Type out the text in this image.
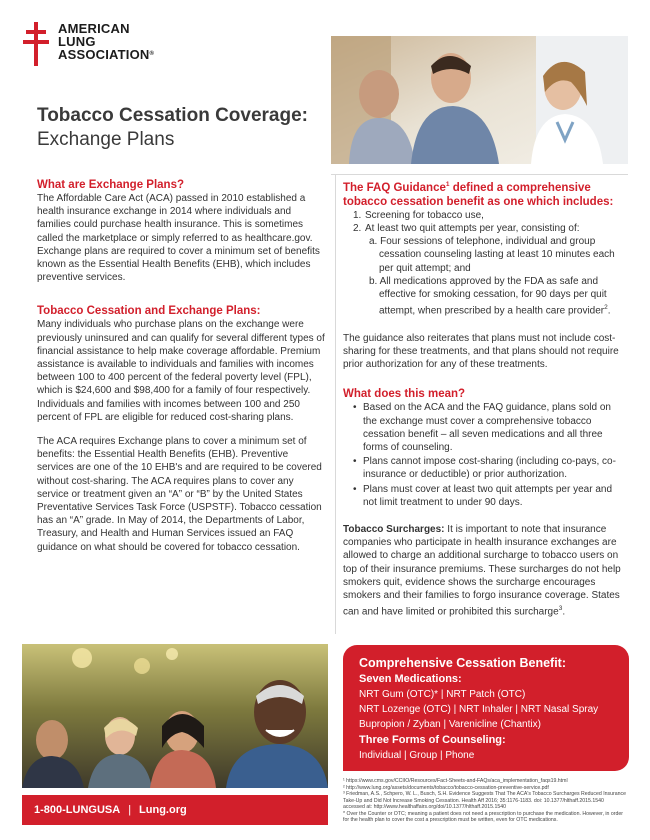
AMERICAN
LUNG
ASSOCIATION®
Tobacco Cessation Coverage:
Exchange Plans
What are Exchange Plans?

The Affordable Care Act (ACA) passed in 2010 established a health insurance exchange in 2014 where individuals and families could purchase health insurance. This is sometimes called the marketplace or simply referred to as healthcare.gov. Exchange plans are required to cover a minimum set of benefits known as the Essential Health Benefits (EHB), which includes preventive services.

Tobacco Cessation and Exchange Plans:

Many individuals who purchase plans on the exchange were previously uninsured and can qualify for several different types of financial assistance to help make coverage affordable. Premium assistance is available to individuals and families with incomes between 100 to 400 percent of the federal poverty level (FPL), which is $24,600 and $98,400 for a family of four respectively. Individuals and families with incomes between 100 and 250 percent of FPL are eligible for reduced cost-sharing plans.

The ACA requires Exchange plans to cover a minimum set of benefits: the Essential Health Benefits (EHB). Preventive services are one of the 10 EHB's and are required to be covered without cost-sharing. The ACA requires plans to cover any service or treatment given an “A” or “B” by the United States Preventative Services Task Force (USPSTF). Tobacco cessation has an “A” grade. In May of 2014, the Departments of Labor, Treasury, and Health and Human Services issued an FAQ guidance on what should be covered for tobacco cessation.

The FAQ Guidance$^1$ defined a comprehensive tobacco cessation benefit as one which includes:
1. Screening for tobacco use,
2. At least two quit attempts per year, consisting of:
a. Four sessions of telephone, individual and group cessation counseling lasting at least 10 minutes each per quit attempt; and
b. All medications approved by the FDA as safe and effective for smoking cessation, for 90 days per quit attempt, when prescribed by a health care provider$^2$.

The guidance also reiterates that plans must not include cost-sharing for these treatments, and that plans should not require prior authorization for any of these treatments.

What does this mean?
• Based on the ACA and the FAQ guidance, plans sold on the exchange must cover a comprehensive tobacco cessation benefit – all seven medications and all three forms of counseling.
• Plans cannot impose cost-sharing (including co-pays, co-insurance or deductible) or prior authorization.
• Plans must cover at least two quit attempts per year and not limit treatment to under 90 days.

Tobacco Surcharges: It is important to note that insurance companies who participate in health insurance exchanges are allowed to charge an additional surcharge to tobacco users on top of their insurance premiums. These surcharges do not help smokers quit, evidence shows the surcharge encourages smokers and their families to forgo insurance coverage. States can and have limited or prohibited this surcharge$^3$.

1-800-LUNGUSA | Lung.org
Comprehensive Cessation Benefit:
Seven Medications:
NRT Gum (OTC)* | NRT Patch (OTC)
NRT Lozenge (OTC) | NRT Inhaler | NRT Nasal Spray
Bupropion / Zyban | Varenicline (Chantix)
Three Forms of Counseling:
Individual | Group | Phone
¹ https://www.cms.gov/CCIIO/Resources/Fact-Sheets-and-FAQs/aca_implementation_faqs19.html
² http://www.lung.org/assets/documents/tobacco/tobacco-cessation-preventive-service.pdf
³ Friedman, A.S., Schpero, W. L., Busch, S.H. Evidence Suggests That The ACA's Tobacco Surcharges Reduced Insurance Take-Up and Did Not Increase Smoking Cessation. Health Aff 2016; 35:1176-1183. doi: 10.1377/hlthaff.2015.1540 accessed at: http://www.healthaffairs.org/doi/10.1377/hlthaff.2015.1540
* Over the Counter or OTC; meaning a patient does not need a prescription to purchase the medication. However, in order for the health plan to cover the cost a prescription must be written, even for OTC medications.
